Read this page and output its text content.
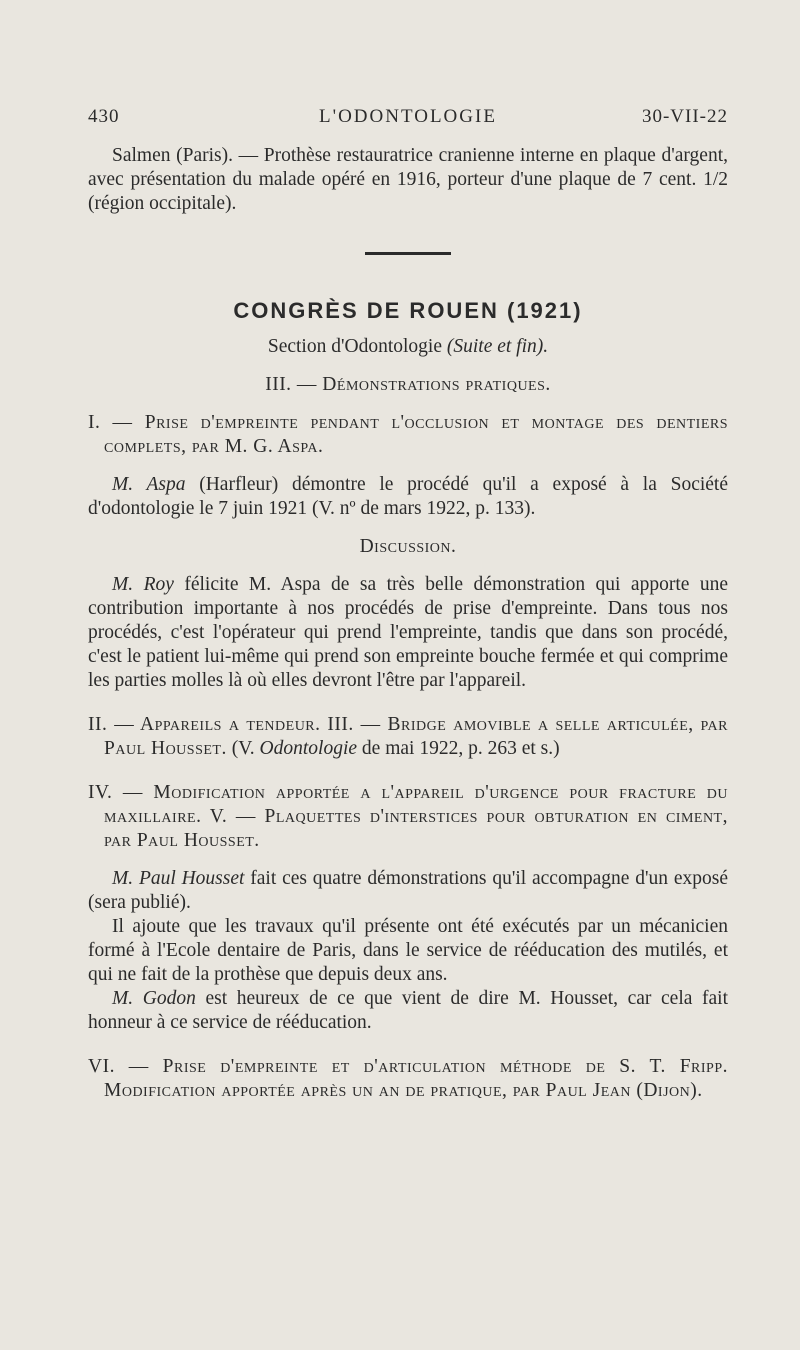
430	L'ODONTOLOGIE	30-VII-22

Salmen (Paris). — Prothèse restauratrice cranienne interne en plaque d'argent, avec présentation du malade opéré en 1916, porteur d'une plaque de 7 cent. 1/2 (région occipitale).

CONGRÈS DE ROUEN (1921)
Section d'Odontologie (Suite et fin).
III. — Démonstrations pratiques.

I. — Prise d'empreinte pendant l'occlusion et montage des dentiers complets, par M. G. Aspa.

M. Aspa (Harfleur) démontre le procédé qu'il a exposé à la Société d'odontologie le 7 juin 1921 (V. nº de mars 1922, p. 133).

Discussion.

M. Roy félicite M. Aspa de sa très belle démonstration qui apporte une contribution importante à nos procédés de prise d'empreinte. Dans tous nos procédés, c'est l'opérateur qui prend l'empreinte, tandis que dans son procédé, c'est le patient lui-même qui prend son empreinte bouche fermée et qui comprime les parties molles là où elles devront l'être par l'appareil.

II. — Appareils a tendeur. III. — Bridge amovible a selle articulée, par Paul Housset. (V. Odontologie de mai 1922, p. 263 et s.)

IV. — Modification apportée a l'appareil d'urgence pour fracture du maxillaire. V. — Plaquettes d'interstices pour obturation en ciment, par Paul Housset.

M. Paul Housset fait ces quatre démonstrations qu'il accompagne d'un exposé (sera publié).

Il ajoute que les travaux qu'il présente ont été exécutés par un mécanicien formé à l'Ecole dentaire de Paris, dans le service de rééducation des mutilés, et qui ne fait de la prothèse que depuis deux ans.

M. Godon est heureux de ce que vient de dire M. Housset, car cela fait honneur à ce service de rééducation.

VI. — Prise d'empreinte et d'articulation méthode de S. T. Fripp. Modification apportée après un an de pratique, par Paul Jean (Dijon).
